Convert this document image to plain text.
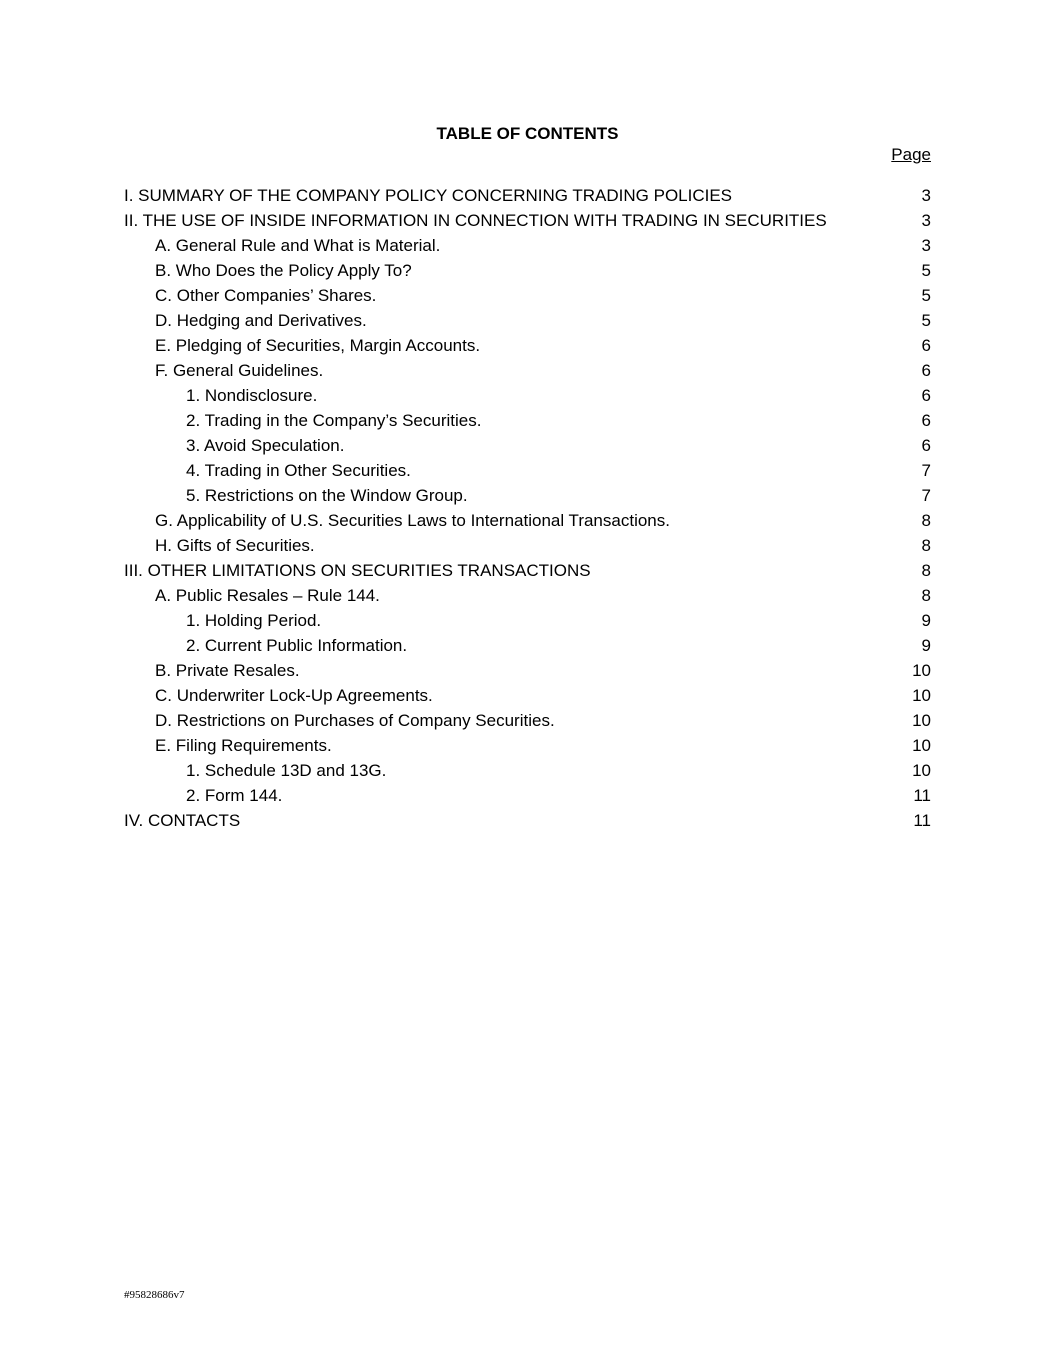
TABLE OF CONTENTS
Page
I. SUMMARY OF THE COMPANY POLICY CONCERNING TRADING POLICIES	3
II. THE USE OF INSIDE INFORMATION IN CONNECTION WITH TRADING IN SECURITIES	3
A. General Rule and What is Material.	3
B. Who Does the Policy Apply To?	5
C. Other Companies’ Shares.	5
D. Hedging and Derivatives.	5
E. Pledging of Securities, Margin Accounts.	6
F. General Guidelines.	6
1. Nondisclosure.	6
2. Trading in the Company’s Securities.	6
3. Avoid Speculation.	6
4. Trading in Other Securities.	7
5. Restrictions on the Window Group.	7
G. Applicability of U.S. Securities Laws to International Transactions.	8
H. Gifts of Securities.	8
III. OTHER LIMITATIONS ON SECURITIES TRANSACTIONS	8
A. Public Resales – Rule 144.	8
1. Holding Period.	9
2. Current Public Information.	9
B. Private Resales.	10
C. Underwriter Lock-Up Agreements.	10
D. Restrictions on Purchases of Company Securities.	10
E. Filing Requirements.	10
1. Schedule 13D and 13G.	10
2. Form 144.	11
IV. CONTACTS	11
#95828686v7
